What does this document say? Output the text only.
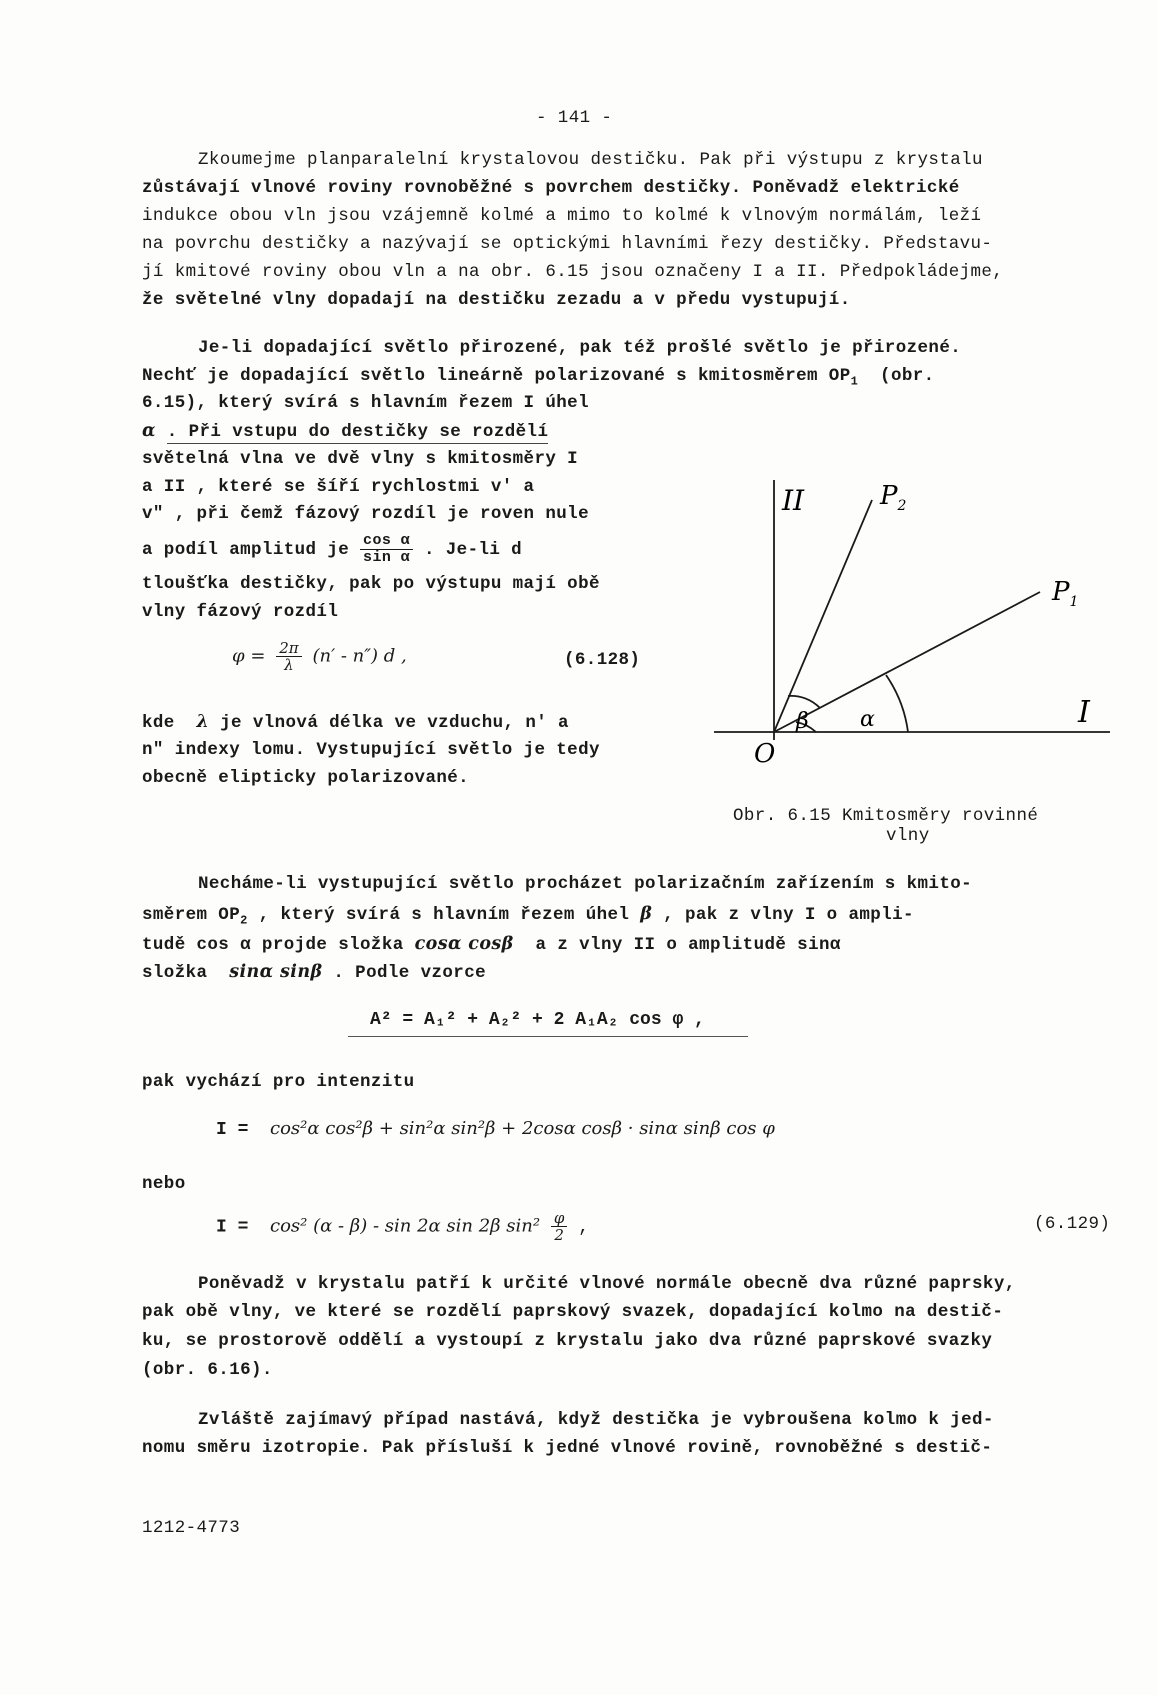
- 141 -
Zkoumejme planparalelní krystalovou destičku. Pak při výstupu z krystalu
zůstávají vlnové roviny rovnoběžné s povrchem destičky. Poněvadž elektrické
indukce obou vln jsou vzájemně kolmé a mimo to kolmé k vlnovým normálám, leží
na povrchu destičky a nazývají se optickými hlavními řezy destičky. Představu-
jí kmitové roviny obou vln a na obr. 6.15 jsou označeny I a II. Předpokládejme,
že světelné vlny dopadají na destičku zezadu a v předu vystupují.
Je-li dopadající světlo přirozené, pak též prošlé světlo je přirozené.
Nechť je dopadající světlo lineárně polarizované s kmitosměrem $OP_1$ (obr.
6.15), který svírá s hlavním řezem I úhel
α . Při vstupu do destičky se rozdělí
světelná vlna ve dvě vlny s kmitosměry I
a II , které se šíří rychlostmi v′ a
v" , při čemž fázový rozdíl je roven nule
a podíl amplitud je $\frac{\text{cos α}}{\text{sin α}}$ . Je-li d
tloušťka destičky, pak po výstupu mají obě
vlny fázový rozdíl
$\varphi = \frac{2\pi}{\lambda} (n' - n'')$ d ,	(6.128)
kde λ je vlnová délka ve vzduchu, n′ a
n" indexy lomu. Vystupující světlo je tedy
obecně elipticky polarizované.
II	$P_2$
$P_1$
I
O
β α
Obr. 6.15 Kmitosměry rovinné
vlny
Necháme-li vystupující světlo procházet polarizačním zařízením s kmito-
směrem $OP_2$ , který svírá s hlavním řezem úhel β , pak z vlny I o ampli-
tudě cos α projde složka cosα cosβ a z vlny II o amplitudě sinα
složka sinα sinβ . Podle vzorce
A² = A₁² + A₂² + 2 A₁A₂ cos φ ,
pak vychází pro intenzitu
I = cos²α cos²β + sin²α sin²β + 2cosα cosβ · sinα sinβ cos φ
nebo
I = cos² (α - β) - sin 2α sin 2β $\sin^2 \frac{\varphi}{2}$ ,	(6.129)
Poněvadž v krystalu patří k určité vlnové normále obecně dva různé paprsky,
pak obě vlny, ve které se rozdělí paprskový svazek, dopadající kolmo na destič-
ku, se prostorově oddělí a vystoupí z krystalu jako dva různé paprskové svazky
(obr. 6.16).
Zvláště zajímavý případ nastává, když destička je vybroušena kolmo k jed-
nomu směru izotropie. Pak přísluší k jedné vlnové rovině, rovnoběžné s destič-
1212-4773
